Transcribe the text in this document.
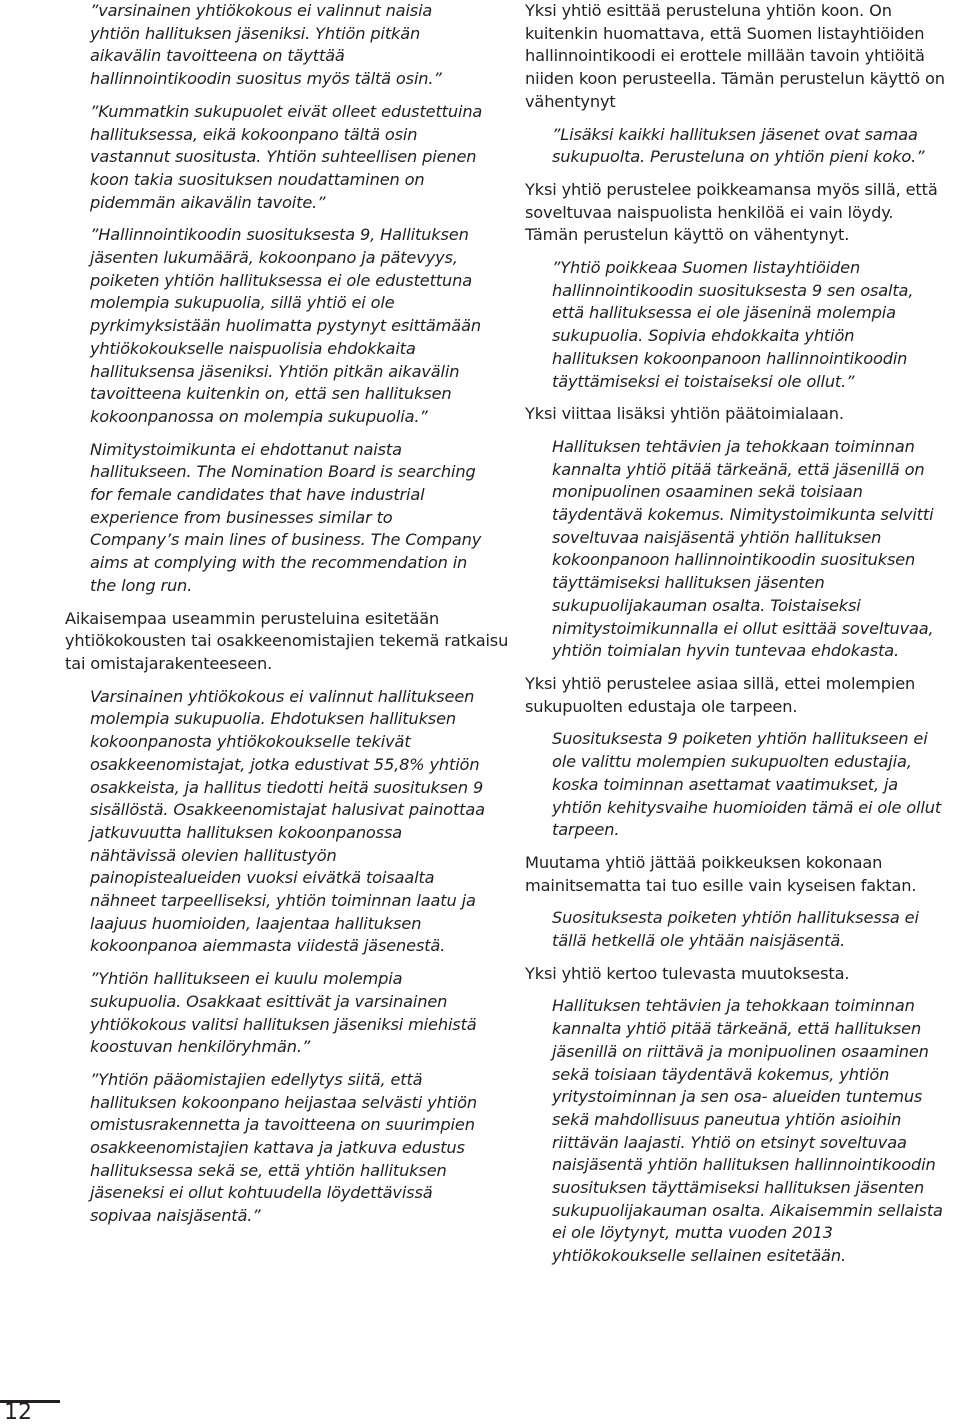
”varsinainen yhtiökokous ei valinnut naisia yhtiön hallituksen jäseniksi. Yhtiön pitkän aikavälin tavoitteena on täyttää hallinnointikoodin suositus myös tältä osin.”

”Kummatkin sukupuolet eivät olleet edustettuina hallituksessa, eikä kokoonpano tältä osin vastannut suositusta. Yhtiön suhteellisen pienen koon takia suosituksen noudattaminen on pidemmän aikavälin tavoite.”

”Hallinnointikoodin suosituksesta 9, Hallituksen jäsenten lukumäärä, kokoonpano ja pätevyys, poiketen yhtiön hallituksessa ei ole edustettuna molempia sukupuolia, sillä yhtiö ei ole pyrkimyksistään huolimatta pystynyt esittämään yhtiökokoukselle naispuolisia ehdokkaita hallituksensa jäseniksi. Yhtiön pitkän aikavälin tavoitteena kuitenkin on, että sen hallituksen kokoonpanossa on molempia sukupuolia.”

Nimitystoimikunta ei ehdottanut naista hallitukseen. The Nomination Board is searching for female candidates that have industrial experience from businesses similar to Company’s main lines of business. The Company aims at complying with the recommendation in the long run.

Aikaisempaa useammin perusteluina esitetään yhtiökokousten tai osakkeenomistajien tekemä ratkaisu tai omistajarakenteeseen.

Varsinainen yhtiökokous ei valinnut hallitukseen molempia sukupuolia. Ehdotuksen hallituksen kokoonpanosta yhtiökokoukselle tekivät osakkeenomistajat, jotka edustivat 55,8% yhtiön osakkeista, ja hallitus tiedotti heitä suosituksen 9 sisällöstä. Osakkeenomistajat halusivat painottaa jatkuvuutta hallituksen kokoonpanossa nähtävissä olevien hallitustyön painopistealueiden vuoksi eivätkä toisaalta nähneet tarpeelliseksi, yhtiön toiminnan laatu ja laajuus huomioiden, laajentaa hallituksen kokoonpanoa aiemmasta viidestä jäsenestä.

”Yhtiön hallitukseen ei kuulu molempia sukupuolia. Osakkaat esittivät ja varsinainen yhtiökokous valitsi hallituksen jäseniksi miehistä koostuvan henkilöryhmän.”

”Yhtiön pääomistajien edellytys siitä, että hallituksen kokoonpano heijastaa selvästi yhtiön omistusrakennetta ja tavoitteena on suurimpien osakkeenomistajien kattava ja jatkuva edustus hallituksessa sekä se, että yhtiön hallituksen jäseneksi ei ollut kohtuudella löydettävissä sopivaa naisjäsentä.”

Yksi yhtiö esittää perusteluna yhtiön koon. On kuitenkin huomattava, että Suomen listayhtiöiden hallinnointikoodi ei erottele millään tavoin yhtiöitä niiden koon perusteella. Tämän perustelun käyttö on vähentynyt

”Lisäksi kaikki hallituksen jäsenet ovat samaa sukupuolta. Perusteluna on yhtiön pieni koko.”

Yksi yhtiö perustelee poikkeamansa myös sillä, että soveltuvaa naispuolista henkilöä ei vain löydy. Tämän perustelun käyttö on vähentynyt.

”Yhtiö poikkeaa Suomen listayhtiöiden hallinnointikoodin suosituksesta 9 sen osalta, että hallituksessa ei ole jäseninä molempia sukupuolia. Sopivia ehdokkaita yhtiön hallituksen kokoonpanoon hallinnointikoodin täyttämiseksi ei toistaiseksi ole ollut.”

Yksi viittaa lisäksi yhtiön päätoimialaan.

Hallituksen tehtävien ja tehokkaan toiminnan kannalta yhtiö pitää tärkeänä, että jäsenillä on monipuolinen osaaminen sekä toisiaan täydentävä kokemus. Nimitystoimikunta selvitti soveltuvaa naisjäsentä yhtiön hallituksen kokoonpanoon hallinnointikoodin suosituksen täyttämiseksi hallituksen jäsenten sukupuolijakauman osalta. Toistaiseksi nimitystoimikunnalla ei ollut esittää soveltuvaa, yhtiön toimialan hyvin tuntevaa ehdokasta.

Yksi yhtiö perustelee asiaa sillä, ettei molempien sukupuolten edustaja ole tarpeen.

Suosituksesta 9 poiketen yhtiön hallitukseen ei ole valittu molempien sukupuolten edustajia, koska toiminnan asettamat vaatimukset, ja yhtiön kehitysvaihe huomioiden tämä ei ole ollut tarpeen.

Muutama yhtiö jättää poikkeuksen kokonaan mainitsematta tai tuo esille vain kyseisen faktan.

Suosituksesta poiketen yhtiön hallituksessa ei tällä hetkellä ole yhtään naisjäsentä.

Yksi yhtiö kertoo tulevasta muutoksesta.

Hallituksen tehtävien ja tehokkaan toiminnan kannalta yhtiö pitää tärkeänä, että hallituksen jäsenillä on riittävä ja monipuolinen osaaminen sekä toisiaan täydentävä kokemus, yhtiön yritystoiminnan ja sen osa- alueiden tuntemus sekä mahdollisuus paneutua yhtiön asioihin riittävän laajasti. Yhtiö on etsinyt soveltuvaa naisjäsentä yhtiön hallituksen hallinnointikoodin suosituksen täyttämiseksi hallituksen jäsenten sukupuolijakauman osalta. Aikaisemmin sellaista ei ole löytynyt, mutta vuoden 2013 yhtiökokoukselle sellainen esitetään.

12
